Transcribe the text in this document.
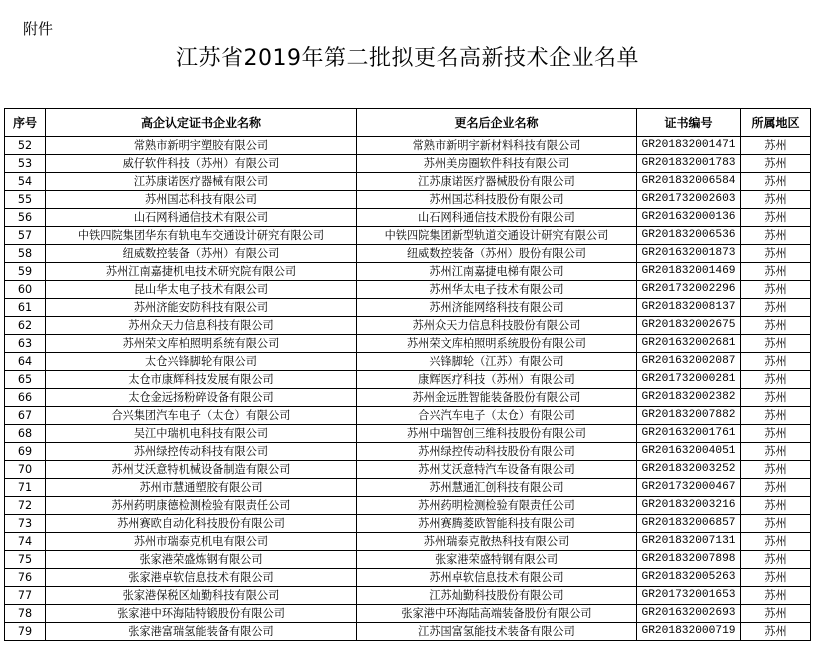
附件
江苏省2019年第二批拟更名高新技术企业名单
序号	高企认定证书企业名称	更名后企业名称	证书编号	所属地区
52	常熟市新明宇塑胶有限公司	常熟市新明宇新材料科技有限公司	GR201832001471	苏州
53	威仔软件科技（苏州）有限公司	苏州美房圈软件科技有限公司	GR201832001783	苏州
54	江苏康诺医疗器械有限公司	江苏康诺医疗器械股份有限公司	GR201832006584	苏州
55	苏州国芯科技有限公司	苏州国芯科技股份有限公司	GR201732002603	苏州
56	山石网科通信技术有限公司	山石网科通信技术股份有限公司	GR201632000136	苏州
57	中铁四院集团华东有轨电车交通设计研究有限公司	中铁四院集团新型轨道交通设计研究有限公司	GR201832006536	苏州
58	纽威数控装备（苏州）有限公司	纽威数控装备（苏州）股份有限公司	GR201632001873	苏州
59	苏州江南嘉捷机电技术研究院有限公司	苏州江南嘉捷电梯有限公司	GR201832001469	苏州
60	昆山华太电子技术有限公司	苏州华太电子技术有限公司	GR201732002296	苏州
61	苏州济能安防科技有限公司	苏州济能网络科技有限公司	GR201832008137	苏州
62	苏州众天力信息科技有限公司	苏州众天力信息科技股份有限公司	GR201832002675	苏州
63	苏州荣文库柏照明系统有限公司	苏州荣文库柏照明系统股份有限公司	GR201632002681	苏州
64	太仓兴锋脚轮有限公司	兴锋脚轮（江苏）有限公司	GR201632002087	苏州
65	太仓市康辉科技发展有限公司	康辉医疗科技（苏州）有限公司	GR201732000281	苏州
66	太仓金远扬粉碎设备有限公司	苏州金远胜智能装备股份有限公司	GR201832002382	苏州
67	合兴集团汽车电子（太仓）有限公司	合兴汽车电子（太仓）有限公司	GR201832007882	苏州
68	吴江中瑞机电科技有限公司	苏州中瑞智创三维科技股份有限公司	GR201632001761	苏州
69	苏州绿控传动科技有限公司	苏州绿控传动科技股份有限公司	GR201632004051	苏州
70	苏州艾沃意特机械设备制造有限公司	苏州艾沃意特汽车设备有限公司	GR201832003252	苏州
71	苏州市慧通塑胶有限公司	苏州慧通汇创科技有限公司	GR201732000467	苏州
72	苏州药明康德检测检验有限责任公司	苏州药明检测检验有限责任公司	GR201832003216	苏州
73	苏州赛欧自动化科技股份有限公司	苏州赛腾菱欧智能科技有限公司	GR201832006857	苏州
74	苏州市瑞泰克机电有限公司	苏州瑞泰克散热科技有限公司	GR201832007131	苏州
75	张家港荣盛炼钢有限公司	张家港荣盛特钢有限公司	GR201832007898	苏州
76	张家港卓软信息技术有限公司	苏州卓软信息技术有限公司	GR201832005263	苏州
77	张家港保税区灿勤科技有限公司	江苏灿勤科技股份有限公司	GR201732001653	苏州
78	张家港中环海陆特锻股份有限公司	张家港中环海陆高端装备股份有限公司	GR201632002693	苏州
79	张家港富瑞氢能装备有限公司	江苏国富氢能技术装备有限公司	GR201832000719	苏州
